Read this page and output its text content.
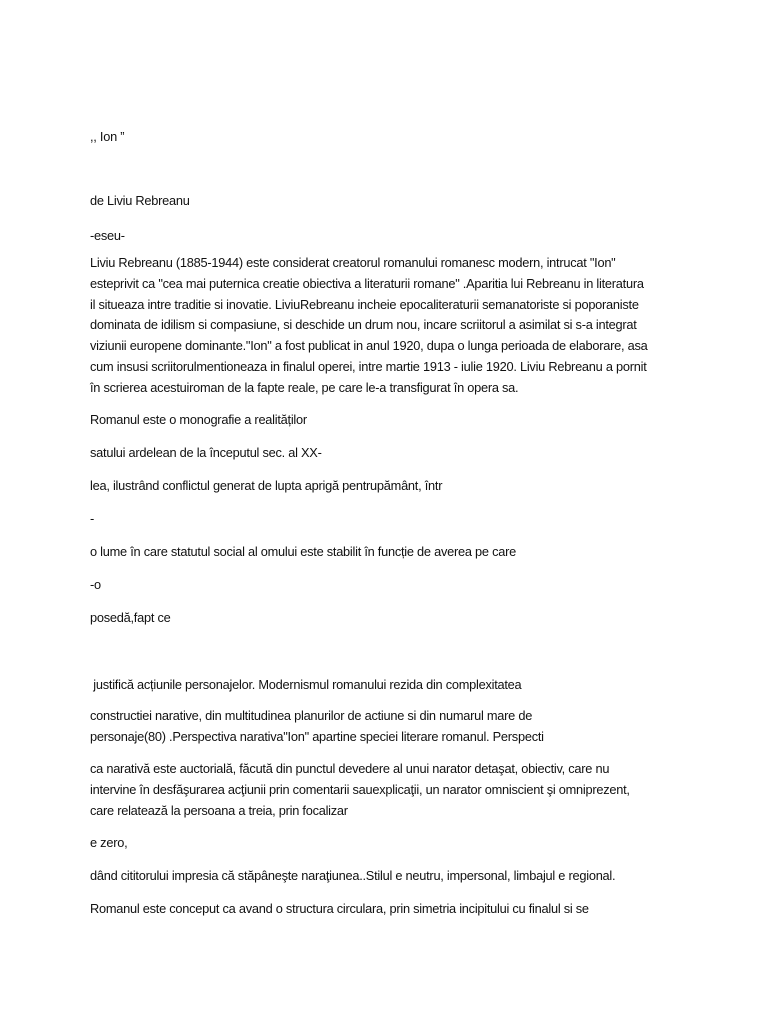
,, Ion ”

de Liviu Rebreanu

-eseu-

Liviu Rebreanu (1885-1944) este considerat creatorul romanului romanesc modern, intrucat "Ion"
esteprivit ca "cea mai puternica creatie obiectiva a literaturii romane" .Aparitia lui Rebreanu in literatura
il situeaza intre traditie si inovatie. LiviuRebreanu incheie epocaliteraturii semanatoriste si poporaniste
dominata de idilism si compasiune, si deschide un drum nou, incare scriitorul a asimilat si s-a integrat
viziunii europene dominante."Ion" a fost publicat in anul 1920, dupa o lunga perioada de elaborare, asa
cum insusi scriitorulmentioneaza in finalul operei, intre martie 1913 - iulie 1920. Liviu Rebreanu a pornit
în scrierea acestuiroman de la fapte reale, pe care le-a transfigurat în opera sa.

Romanul este o monografie a realităților

satului ardelean de la începutul sec. al XX-

lea, ilustrând conflictul generat de lupta aprigă pentrupământ, într

-

o lume în care statutul social al omului este stabilit în funcție de averea pe care

-o

posedă,fapt ce

justifică acțiunile personajelor. Modernismul romanului rezida din complexitatea

constructiei narative, din multitudinea planurilor de actiune si din numarul mare de
personaje(80) .Perspectiva narativa"Ion" apartine speciei literare romanul. Perspecti

ca narativă este auctorială, făcută din punctul devedere al unui narator detaşat, obiectiv, care nu
intervine în desfăşurarea acţiunii prin comentarii sauexplicaţii, un narator omniscient şi omniprezent,
care relatează la persoana a treia, prin focalizar

e zero,

dând cititorului impresia că stăpâneşte naraţiunea..Stilul e neutru, impersonal, limbajul e regional.

Romanul este conceput ca avand o structura circulara, prin simetria incipitului cu finalul si se
